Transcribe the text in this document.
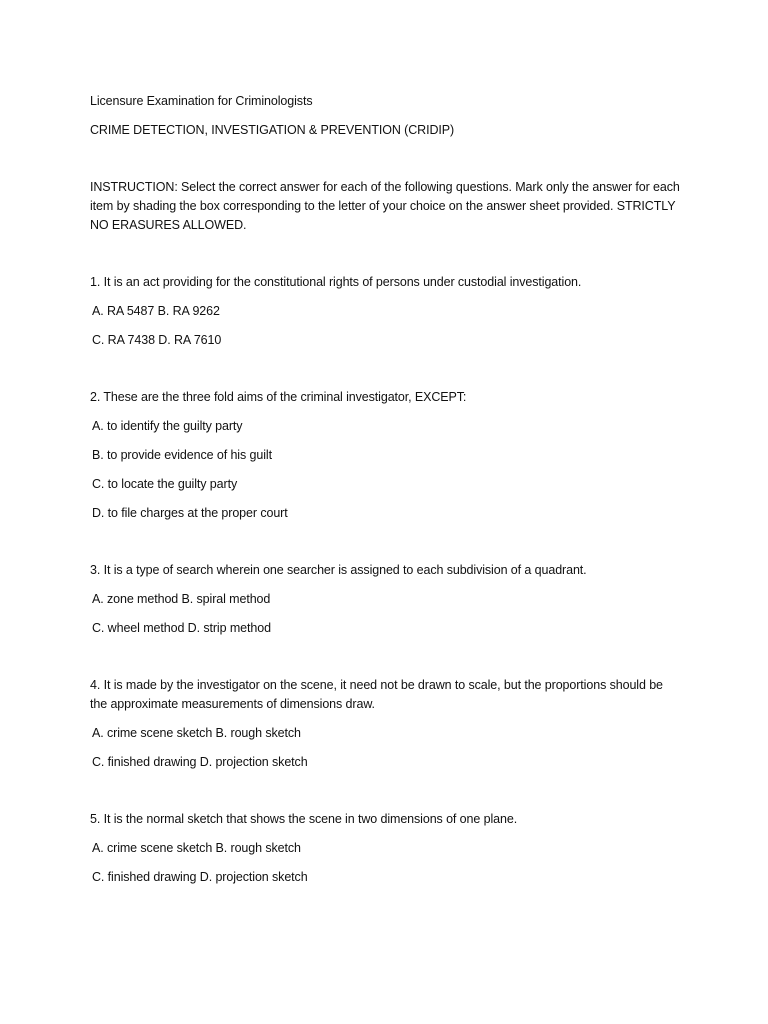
Licensure Examination for Criminologists

CRIME DETECTION, INVESTIGATION & PREVENTION (CRIDIP)

INSTRUCTION: Select the correct answer for each of the following questions. Mark only the answer for each item by shading the box corresponding to the letter of your choice on the answer sheet provided. STRICTLY NO ERASURES ALLOWED.

1. It is an act providing for the constitutional rights of persons under custodial investigation.

A. RA 5487 B. RA 9262

C. RA 7438 D. RA 7610

2. These are the three fold aims of the criminal investigator, EXCEPT:

A. to identify the guilty party

B. to provide evidence of his guilt

C. to locate the guilty party

D. to file charges at the proper court

3. It is a type of search wherein one searcher is assigned to each subdivision of a quadrant.

A. zone method B. spiral method

C. wheel method D. strip method

4. It is made by the investigator on the scene, it need not be drawn to scale, but the proportions should be the approximate measurements of dimensions draw.

A. crime scene sketch B. rough sketch

C. finished drawing D. projection sketch

5. It is the normal sketch that shows the scene in two dimensions of one plane.

A. crime scene sketch B. rough sketch

C. finished drawing D. projection sketch
